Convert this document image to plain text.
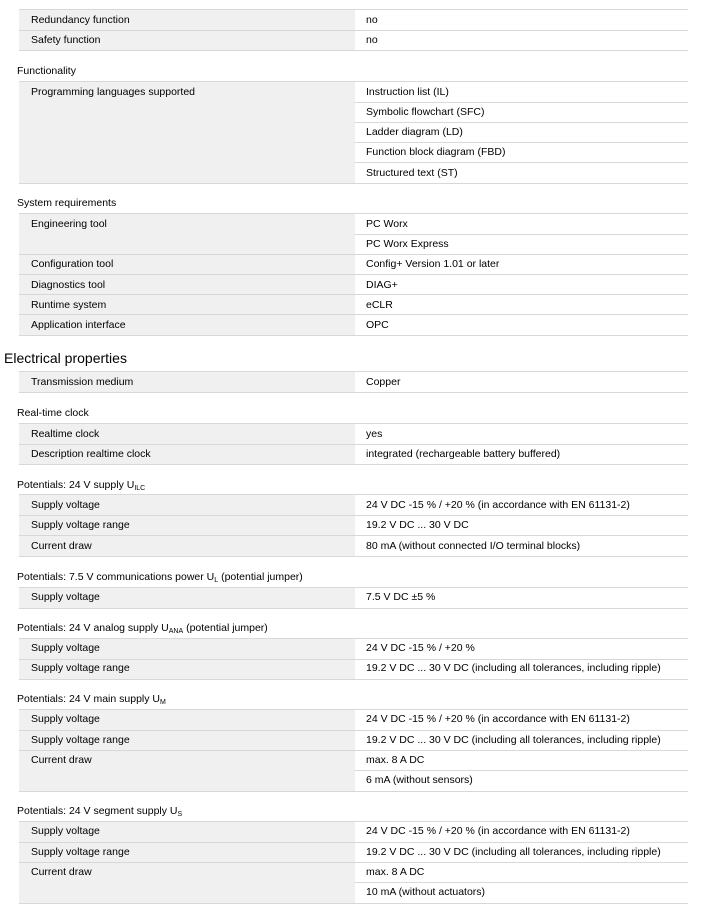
Redundancy function	no
Safety function	no
Functionality
Programming languages supported	Instruction list (IL)
Symbolic flowchart (SFC)
Ladder diagram (LD)
Function block diagram (FBD)
Structured text (ST)
System requirements
Engineering tool	PC Worx
PC Worx Express
Configuration tool	Config+ Version 1.01 or later
Diagnostics tool	DIAG+
Runtime system	eCLR
Application interface	OPC
Electrical properties
Transmission medium	Copper
Real-time clock
Realtime clock	yes
Description realtime clock	integrated (rechargeable battery buffered)
Potentials: 24 V supply $U_{ILC}$
Supply voltage	24 V DC -15 % / +20 % (in accordance with EN 61131-2)
Supply voltage range	19.2 V DC ... 30 V DC
Current draw	80 mA (without connected I/O terminal blocks)
Potentials: 7.5 V communications power $U_L$ (potential jumper)
Supply voltage	7.5 V DC ±5 %
Potentials: 24 V analog supply $U_{ANA}$ (potential jumper)
Supply voltage	24 V DC -15 % / +20 %
Supply voltage range	19.2 V DC ... 30 V DC (including all tolerances, including ripple)
Potentials: 24 V main supply $U_M$
Supply voltage	24 V DC -15 % / +20 % (in accordance with EN 61131-2)
Supply voltage range	19.2 V DC ... 30 V DC (including all tolerances, including ripple)
Current draw	max. 8 A DC
6 mA (without sensors)
Potentials: 24 V segment supply $U_S$
Supply voltage	24 V DC -15 % / +20 % (in accordance with EN 61131-2)
Supply voltage range	19.2 V DC ... 30 V DC (including all tolerances, including ripple)
Current draw	max. 8 A DC
10 mA (without actuators)
